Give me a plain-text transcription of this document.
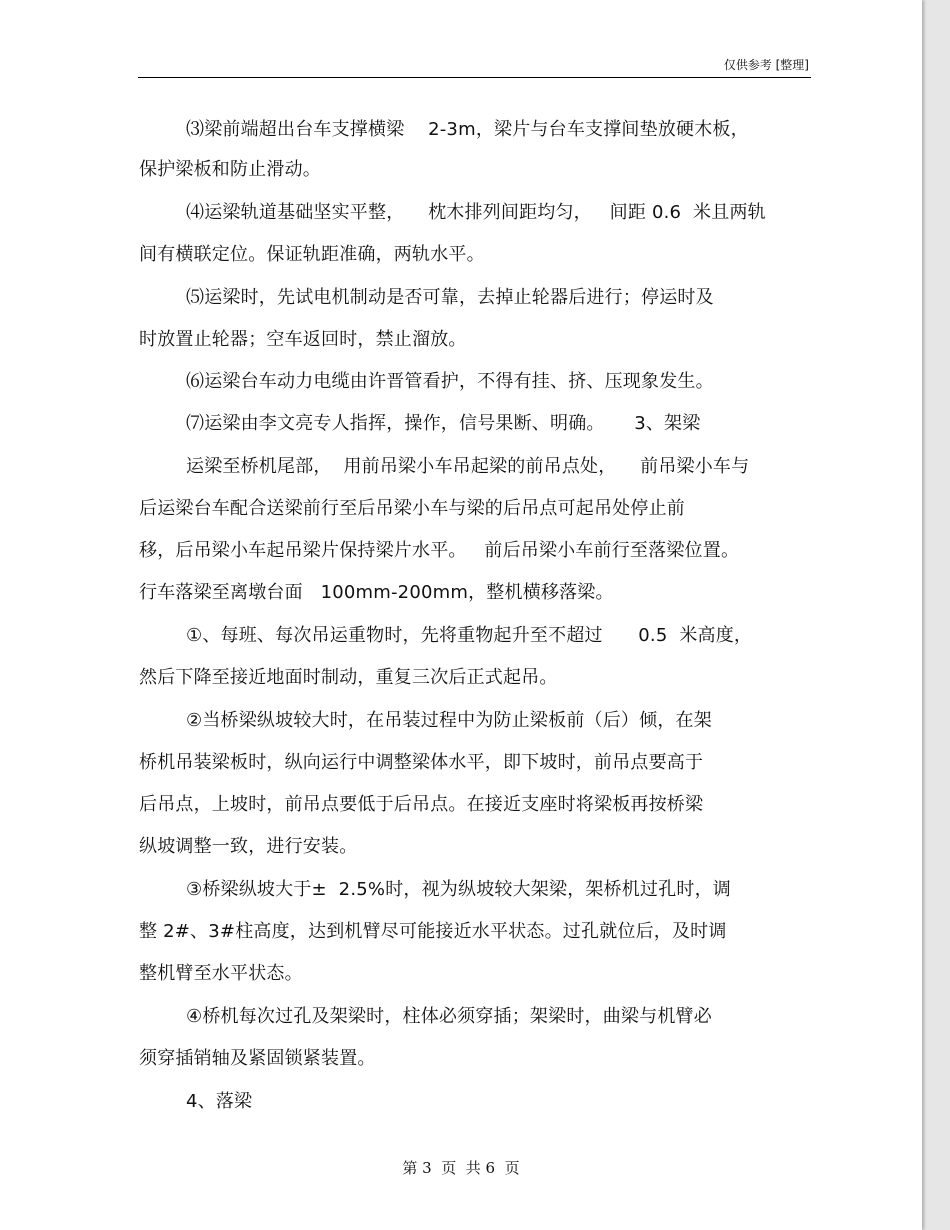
仅供参考 [整理]
⑶梁前端超出台车支撑横梁    2-3m，梁片与台车支撑间垫放硬木板，
保护梁板和防止滑动。
⑷运梁轨道基础坚实平整，    枕木排列间距均匀，   间距 0.6  米且两轨
间有横联定位。保证轨距准确，两轨水平。
⑸运梁时，先试电机制动是否可靠，去掉止轮器后进行；停运时及
时放置止轮器；空车返回时，禁止溜放。
⑹运梁台车动力电缆由许晋管看护，不得有挂、挤、压现象发生。
⑺运梁由李文亮专人指挥，操作，信号果断、明确。     3、架梁
运梁至桥机尾部，  用前吊梁小车吊起梁的前吊点处，    前吊梁小车与
后运梁台车配合送梁前行至后吊梁小车与梁的后吊点可起吊处停止前
移，后吊梁小车起吊梁片保持梁片水平。   前后吊梁小车前行至落梁位置。
行车落梁至离墩台面   100mm-200mm，整机横移落梁。
①、每班、每次吊运重物时，先将重物起升至不超过      0.5  米高度，
然后下降至接近地面时制动，重复三次后正式起吊。
②当桥梁纵坡较大时，在吊装过程中为防止梁板前（后）倾，在架
桥机吊装梁板时，纵向运行中调整梁体水平，即下坡时，前吊点要高于
后吊点，上坡时，前吊点要低于后吊点。在接近支座时将梁板再按桥梁
纵坡调整一致，进行安装。
③桥梁纵坡大于±  2.5%时，视为纵坡较大架梁，架桥机过孔时，调
整 2#、3#柱高度，达到机臂尽可能接近水平状态。过孔就位后，及时调
整机臂至水平状态。
④桥机每次过孔及架梁时，柱体必须穿插；架梁时，曲梁与机臂必
须穿插销轴及紧固锁紧装置。
4、落梁
第 3  页  共 6  页
